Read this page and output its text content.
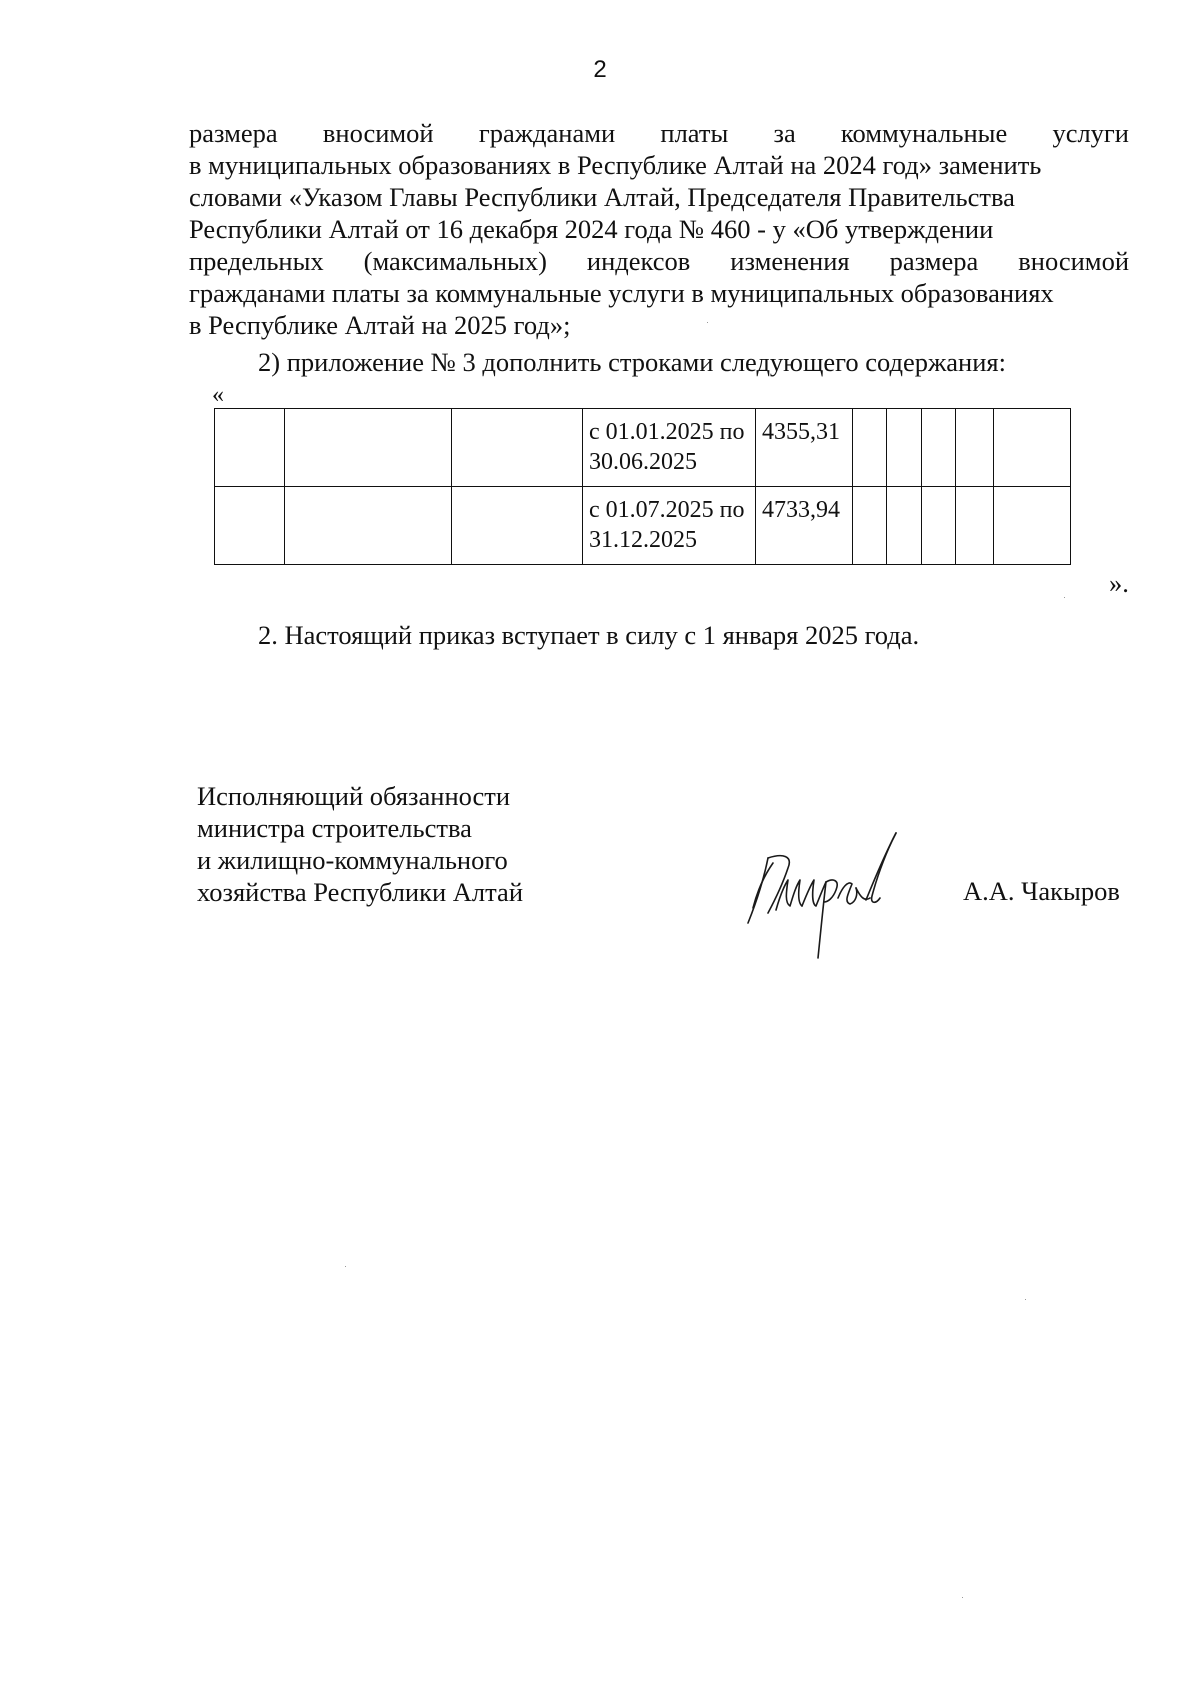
2
размера вносимой гражданами платы за коммунальные услуги
в муниципальных образованиях в Республике Алтай на 2024 год» заменить
словами «Указом Главы Республики Алтай, Председателя Правительства
Республики Алтай от 16 декабря 2024 года № 460 - у «Об утверждении
предельных (максимальных) индексов изменения размера вносимой
гражданами платы за коммунальные услуги в муниципальных образованиях
в Республике Алтай на 2025 год»;
2) приложение № 3 дополнить строками следующего содержания:
«

			с 01.01.2025 по
30.06.2025	4355,31					

			с 01.07.2025 по
31.12.2025	4733,94					

».
2. Настоящий приказ вступает в силу с 1 января 2025 года.
Исполняющий обязанности
министра строительства
и жилищно-коммунального
хозяйства Республики Алтай	А.А. Чакыров
